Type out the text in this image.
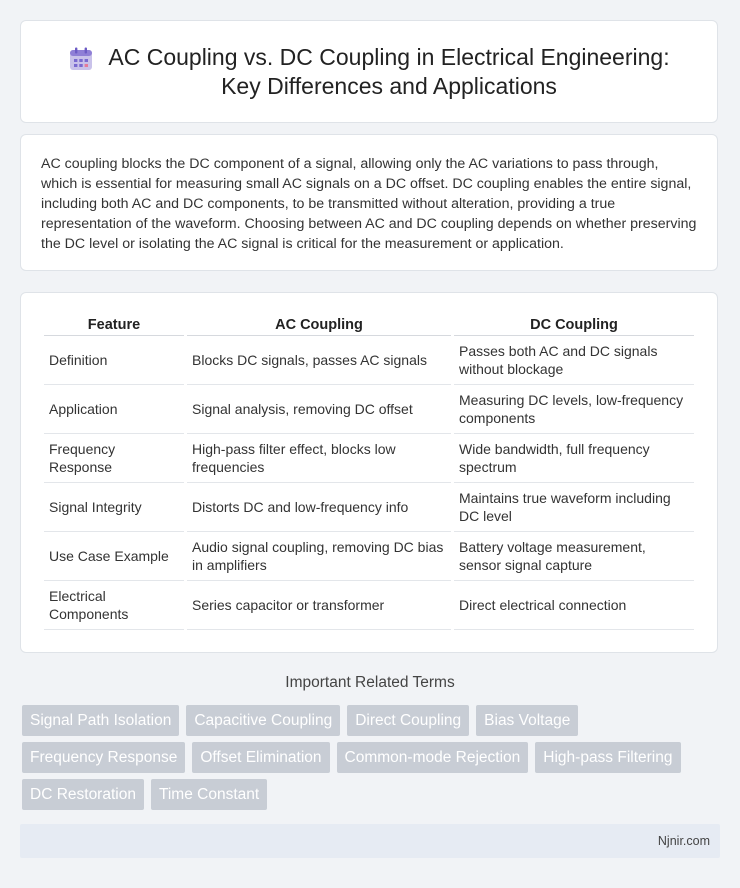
AC Coupling vs. DC Coupling in Electrical Engineering:
Key Differences and Applications

AC coupling blocks the DC component of a signal, allowing only the AC variations to pass through, which is essential for measuring small AC signals on a DC offset. DC coupling enables the entire signal, including both AC and DC components, to be transmitted without alteration, providing a true representation of the waveform. Choosing between AC and DC coupling depends on whether preserving the DC level or isolating the AC signal is critical for the measurement or application.

Feature	AC Coupling	DC Coupling
Definition	Blocks DC signals, passes AC signals	Passes both AC and DC signals without blockage
Application	Signal analysis, removing DC offset	Measuring DC levels, low-frequency components
Frequency Response	High-pass filter effect, blocks low frequencies	Wide bandwidth, full frequency spectrum
Signal Integrity	Distorts DC and low-frequency info	Maintains true waveform including DC level
Use Case Example	Audio signal coupling, removing DC bias in amplifiers	Battery voltage measurement, sensor signal capture
Electrical Components	Series capacitor or transformer	Direct electrical connection
Important Related Terms
Signal Path Isolation	Capacitive Coupling	Direct Coupling	Bias Voltage
Frequency Response	Offset Elimination	Common-mode Rejection	High-pass Filtering
DC Restoration	Time Constant
Njnir.com
